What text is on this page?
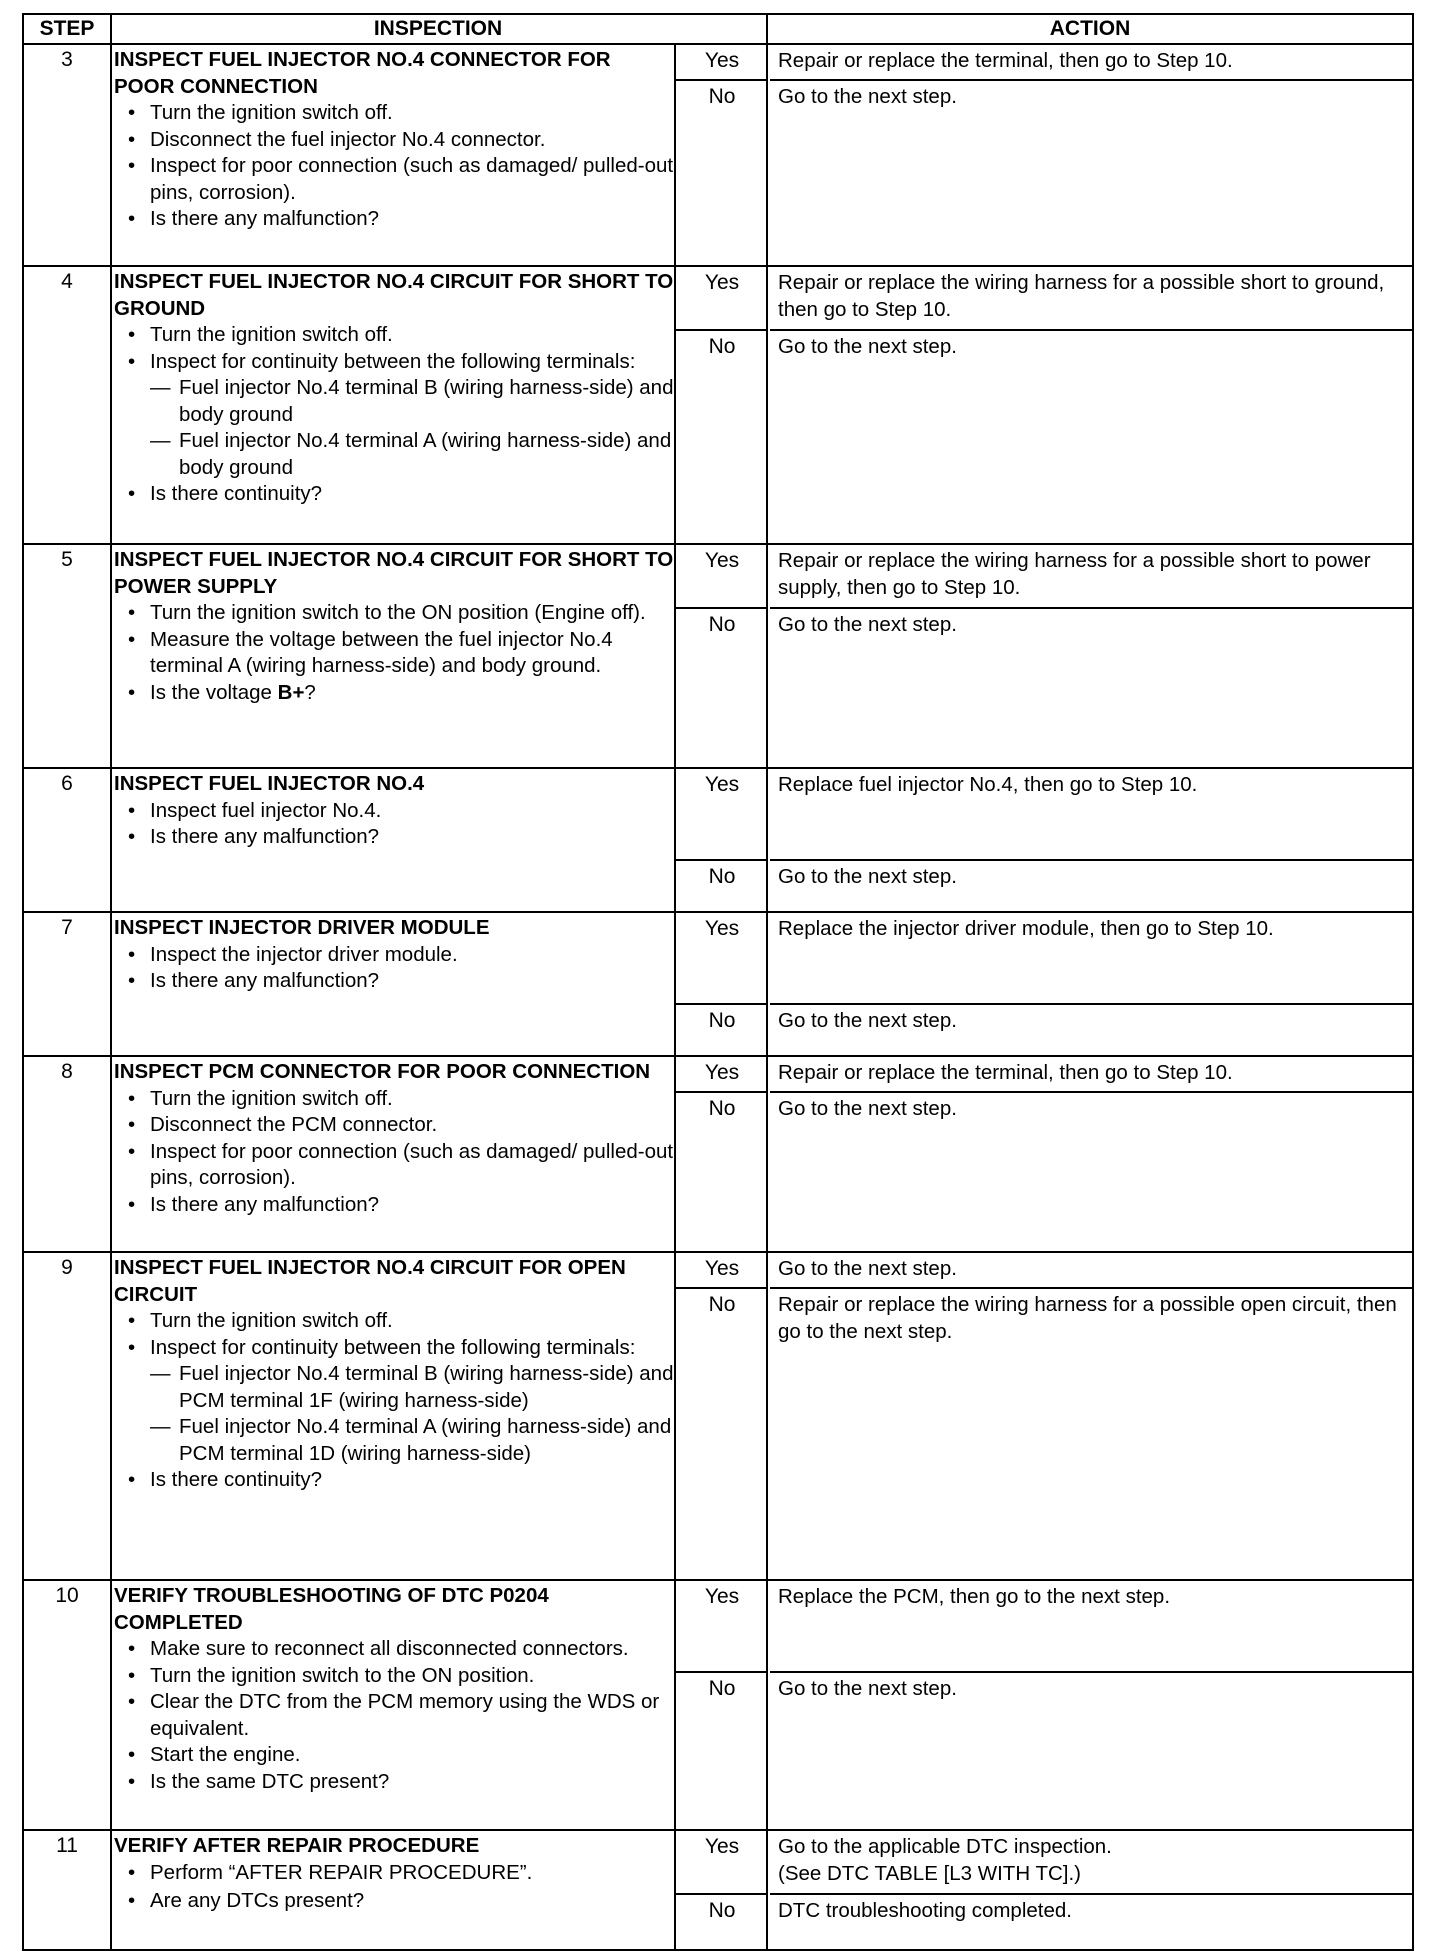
STEP	INSPECTION	ACTION
3	INSPECT FUEL INJECTOR NO.4 CONNECTOR FOR POOR CONNECTION
• Turn the ignition switch off.
• Disconnect the fuel injector No.4 connector.
• Inspect for poor connection (such as damaged/ pulled-out pins, corrosion).
• Is there any malfunction?
Yes	Repair or replace the terminal, then go to Step 10.
No	Go to the next step.
4	INSPECT FUEL INJECTOR NO.4 CIRCUIT FOR SHORT TO GROUND
• Turn the ignition switch off.
• Inspect for continuity between the following terminals:
— Fuel injector No.4 terminal B (wiring harness-side) and body ground
— Fuel injector No.4 terminal A (wiring harness-side) and body ground
• Is there continuity?
Yes	Repair or replace the wiring harness for a possible short to ground, then go to Step 10.
No	Go to the next step.
5	INSPECT FUEL INJECTOR NO.4 CIRCUIT FOR SHORT TO POWER SUPPLY
• Turn the ignition switch to the ON position (Engine off).
• Measure the voltage between the fuel injector No.4 terminal A (wiring harness-side) and body ground.
• Is the voltage B+?
Yes	Repair or replace the wiring harness for a possible short to power supply, then go to Step 10.
No	Go to the next step.
6	INSPECT FUEL INJECTOR NO.4
• Inspect fuel injector No.4.
• Is there any malfunction?
Yes	Replace fuel injector No.4, then go to Step 10.
No	Go to the next step.
7	INSPECT INJECTOR DRIVER MODULE
• Inspect the injector driver module.
• Is there any malfunction?
Yes	Replace the injector driver module, then go to Step 10.
No	Go to the next step.
8	INSPECT PCM CONNECTOR FOR POOR CONNECTION
• Turn the ignition switch off.
• Disconnect the PCM connector.
• Inspect for poor connection (such as damaged/ pulled-out pins, corrosion).
• Is there any malfunction?
Yes	Repair or replace the terminal, then go to Step 10.
No	Go to the next step.
9	INSPECT FUEL INJECTOR NO.4 CIRCUIT FOR OPEN CIRCUIT
• Turn the ignition switch off.
• Inspect for continuity between the following terminals:
— Fuel injector No.4 terminal B (wiring harness-side) and PCM terminal 1F (wiring harness-side)
— Fuel injector No.4 terminal A (wiring harness-side) and PCM terminal 1D (wiring harness-side)
• Is there continuity?
Yes	Go to the next step.
No	Repair or replace the wiring harness for a possible open circuit, then go to the next step.
10	VERIFY TROUBLESHOOTING OF DTC P0204 COMPLETED
• Make sure to reconnect all disconnected connectors.
• Turn the ignition switch to the ON position.
• Clear the DTC from the PCM memory using the WDS or equivalent.
• Start the engine.
• Is the same DTC present?
Yes	Replace the PCM, then go to the next step.
No	Go to the next step.
11	VERIFY AFTER REPAIR PROCEDURE
• Perform “AFTER REPAIR PROCEDURE”.
• Are any DTCs present?
Yes	Go to the applicable DTC inspection.
(See DTC TABLE [L3 WITH TC].)
No	DTC troubleshooting completed.
